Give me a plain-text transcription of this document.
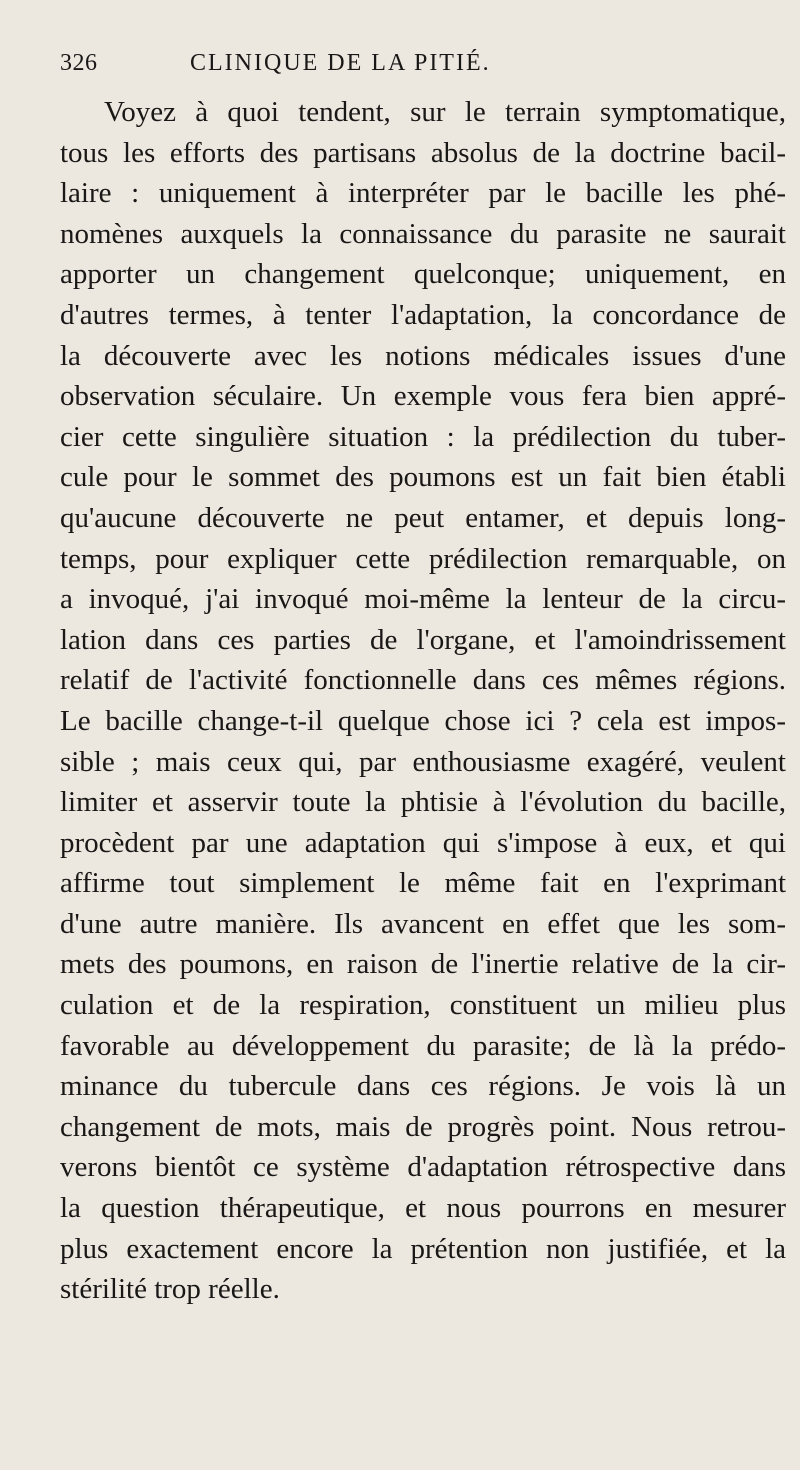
326	CLINIQUE DE LA PITIÉ.
Voyez à quoi tendent, sur le terrain symptomatique,
tous les efforts des partisans absolus de la doctrine bacil-
laire : uniquement à interpréter par le bacille les phé-
nomènes auxquels la connaissance du parasite ne saurait
apporter un changement quelconque; uniquement, en
d'autres termes, à tenter l'adaptation, la concordance de
la découverte avec les notions médicales issues d'une
observation séculaire. Un exemple vous fera bien appré-
cier cette singulière situation : la prédilection du tuber-
cule pour le sommet des poumons est un fait bien établi
qu'aucune découverte ne peut entamer, et depuis long-
temps, pour expliquer cette prédilection remarquable, on
a invoqué, j'ai invoqué moi-même la lenteur de la circu-
lation dans ces parties de l'organe, et l'amoindrissement
relatif de l'activité fonctionnelle dans ces mêmes régions.
Le bacille change-t-il quelque chose ici ? cela est impos-
sible ; mais ceux qui, par enthousiasme exagéré, veulent
limiter et asservir toute la phtisie à l'évolution du bacille,
procèdent par une adaptation qui s'impose à eux, et qui
affirme tout simplement le même fait en l'exprimant
d'une autre manière. Ils avancent en effet que les som-
mets des poumons, en raison de l'inertie relative de la cir-
culation et de la respiration, constituent un milieu plus
favorable au développement du parasite; de là la prédo-
minance du tubercule dans ces régions. Je vois là un
changement de mots, mais de progrès point. Nous retrou-
verons bientôt ce système d'adaptation rétrospective dans
la question thérapeutique, et nous pourrons en mesurer
plus exactement encore la prétention non justifiée, et la
stérilité trop réelle.
